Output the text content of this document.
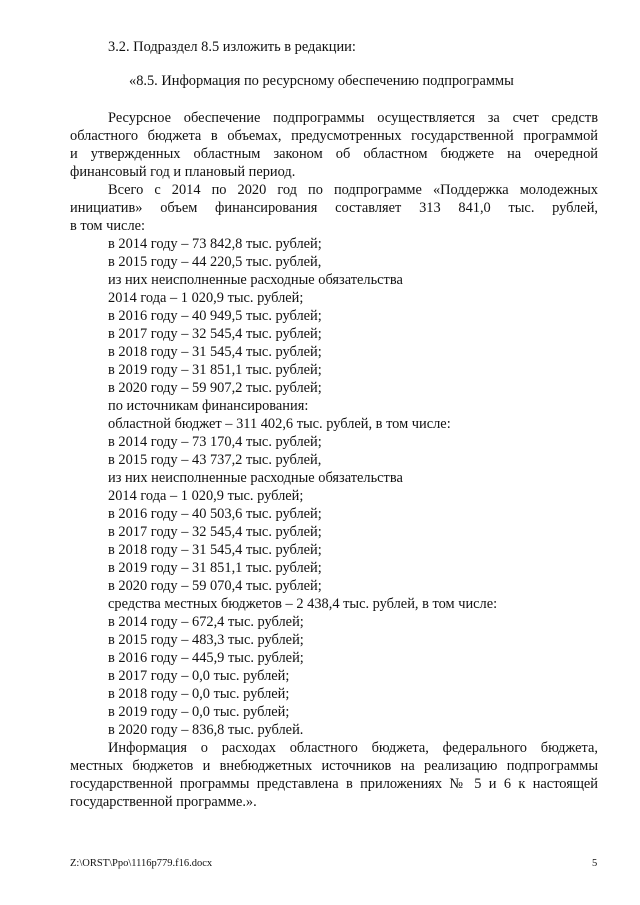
3.2. Подраздел 8.5 изложить в редакции:
«8.5. Информация по ресурсному обеспечению подпрограммы
Ресурсное обеспечение подпрограммы осуществляется за счет средств
областного бюджета в объемах, предусмотренных государственной программой
и утвержденных областным законом об областном бюджете на очередной
финансовый год и плановый период.
Всего с 2014 по 2020 год по подпрограмме «Поддержка молодежных
инициатив» объем финансирования составляет 313 841,0 тыс. рублей,
в том числе:
в 2014 году – 73 842,8 тыс. рублей;
в 2015 году – 44 220,5 тыс. рублей,
из них неисполненные расходные обязательства
2014 года – 1 020,9 тыс. рублей;
в 2016 году – 40 949,5 тыс. рублей;
в 2017 году – 32 545,4 тыс. рублей;
в 2018 году – 31 545,4 тыс. рублей;
в 2019 году – 31 851,1 тыс. рублей;
в 2020 году – 59 907,2 тыс. рублей;
по источникам финансирования:
областной бюджет – 311 402,6 тыс. рублей, в том числе:
в 2014 году – 73 170,4 тыс. рублей;
в 2015 году – 43 737,2 тыс. рублей,
из них неисполненные расходные обязательства
2014 года – 1 020,9 тыс. рублей;
в 2016 году – 40 503,6 тыс. рублей;
в 2017 году – 32 545,4 тыс. рублей;
в 2018 году – 31 545,4 тыс. рублей;
в 2019 году – 31 851,1 тыс. рублей;
в 2020 году – 59 070,4 тыс. рублей;
средства местных бюджетов – 2 438,4 тыс. рублей, в том числе:
в 2014 году – 672,4 тыс. рублей;
в 2015 году – 483,3 тыс. рублей;
в 2016 году – 445,9 тыс. рублей;
в 2017 году – 0,0 тыс. рублей;
в 2018 году – 0,0 тыс. рублей;
в 2019 году – 0,0 тыс. рублей;
в 2020 году – 836,8 тыс. рублей.
Информация о расходах областного бюджета, федерального бюджета,
местных бюджетов и внебюджетных источников на реализацию подпрограммы
государственной программы представлена в приложениях № 5 и 6 к настоящей
государственной программе.».
Z:\ORST\Ppo\1116p779.f16.docx	5
